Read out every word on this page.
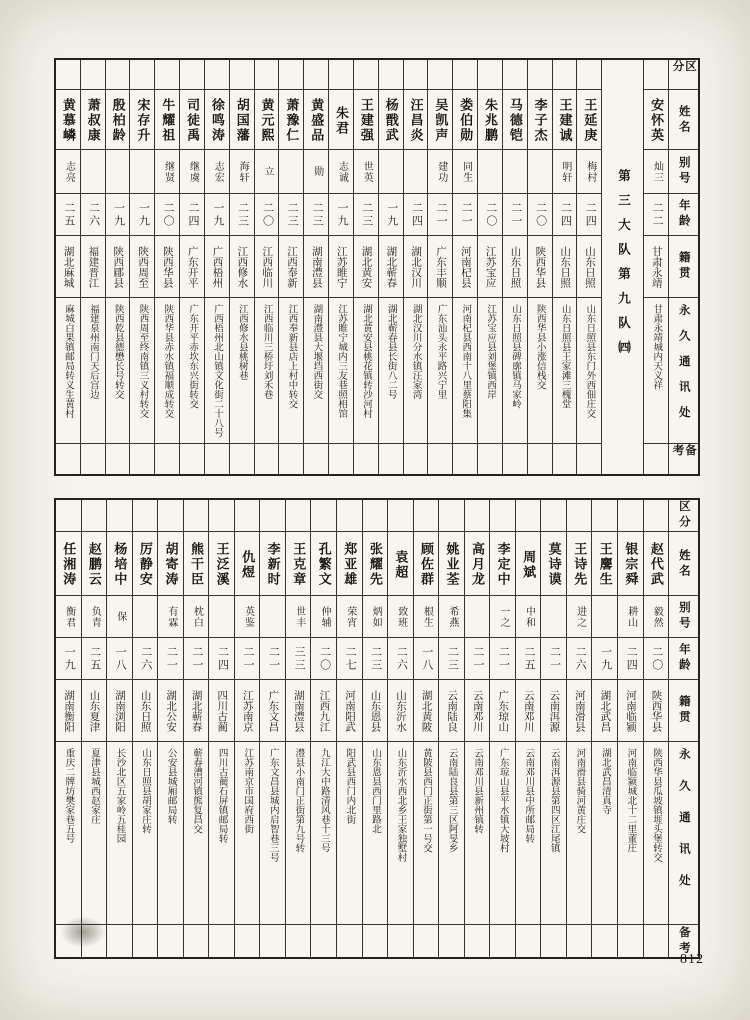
黄慕嶙
志亮
二五
湖北麻城
麻城白果镇邮局转义生黄村
萧叔康
二六
福建晋江
福建泉州南门天后宫边
殷柏龄
一九
陕西郿县
陕西乾县德懋长号转交
宋存升
一九
陕西周至
陕西周至终南镇三义村转交
牛耀祖
继贤
二〇
陕西华县
陕西华县赤水镇福顺成转交
司徒禹
继虞
二四
广东开平
广东开平赤坎东兴街转交
徐鸣涛
志宏
一九
广西梧州
广西梧州北山镇文化街二十八号
胡国藩
海轩
二三
江西修水
江西修水县桃树巷
黄元熙
立
二〇
江西临川
江西临川三桥圩刘禾巷
萧豫仁
二三
江西奉新
江西奉新县店上村中转交
黄盛品
勋
二三
湖南澧县
湖南澧县大堰垱西街交
朱君
志诚
一九
江苏睢宁
江苏睢宁城内三友巷照相馆
王建强
世英
二三
湖北黄安
湖北黄安县桃花镇转沙河村
杨戬武
一九
湖北蕲春
湖北蕲春县长街八二号
汪昌炎
二四
湖北汉川
湖北汉川分水镇汪家湾
吴凯声
建功
二一
广东丰顺
广东汕头永平路兴宁里
娄伯勋
同生
二一
河南杞县
河南杞县西南十八里蔡阳集
朱兆鹏
二〇
江苏宝应
江苏宝应县刘堡镇西岸
马德铠
二一
山东日照
山东日照县碑廓镇马家岭
李子杰
二〇
陕西华县
陕西华县小涨信栈交
王建诚
明轩
二四
山东日照
山东日照县王家滩三槐堂
王延庚
梅村
二四
山东日照
山东日照县东门外西佃庄交 第三大队第九队㈣
安怀英
灿三
二二
甘肃永靖
甘肃永靖城内天义祥
区分
姓名
别号
年龄
籍贯
永久通讯处
备考
任湘涛
衡君
一九
湖南衡阳
重庆二牌坊樊家巷五号
赵鹏云
负青
二五
山东夏津
夏津县城西赵家庄
杨培中
保
一八
湖南浏阳
长沙北区五家岭五桂园
厉静安
二六
山东日照
山东日照县胡家庄转
胡寄涛
有霖
二一
湖北公安
公安县城厢邮局转
熊干臣
枕白
二一
湖北蕲春
蕲春漕河镇熊复昌交
王泛溪
二四
四川古蔺
四川古蔺石屏镇邮局转
仇煜
英鉴
二一
江苏南京
江苏南京市国府西街
李新时
二一
广东文昌
广东文昌县城内启智巷三号
王克章
世丰
三三
湖南澧县
澧县小南门正街第九号转
孔繁文
仲辅
二〇
江西九江
九江大中路清风巷十三号
郑亚雄
荣宵
二七
河南阳武
阳武县西门内北街
张耀先
炳如
二三
山东恩县
山东恩县西门里路北
袁超
致班
二六
山东沂水
山东沂水西北乡王家独墅村
顾佐群
根生
一八
湖北黄陂
黄陂县西门正街第一号交
姚业荃
希燕
二三
云南陆良
云南陆良县第三区阿旻乡
高月龙
二一
云南邓川
云南邓川县新州镇转
李定中
一之
二一
广东琼山
广东琼山县平水镇大坡村
周斌
中和
二五
云南邓川
云南邓川县中所邮局转
莫诗谟
二一
云南洱源
云南洱源县第四区江尾镇
王诗先
进之
二六
河南滑县
河南滑县骑河黄庄交
王麐生
一九
湖北武昌
湖北武昌清真寺
银宗舜
耕山
二四
河南临颍
河南临颍城北十二里董庄
赵代武
毅然
二〇
陕西华县
陕西华县瓜坡镇堐头堡转交
区分
姓名
别号
年龄
籍贯
永久通讯处
备考
812
